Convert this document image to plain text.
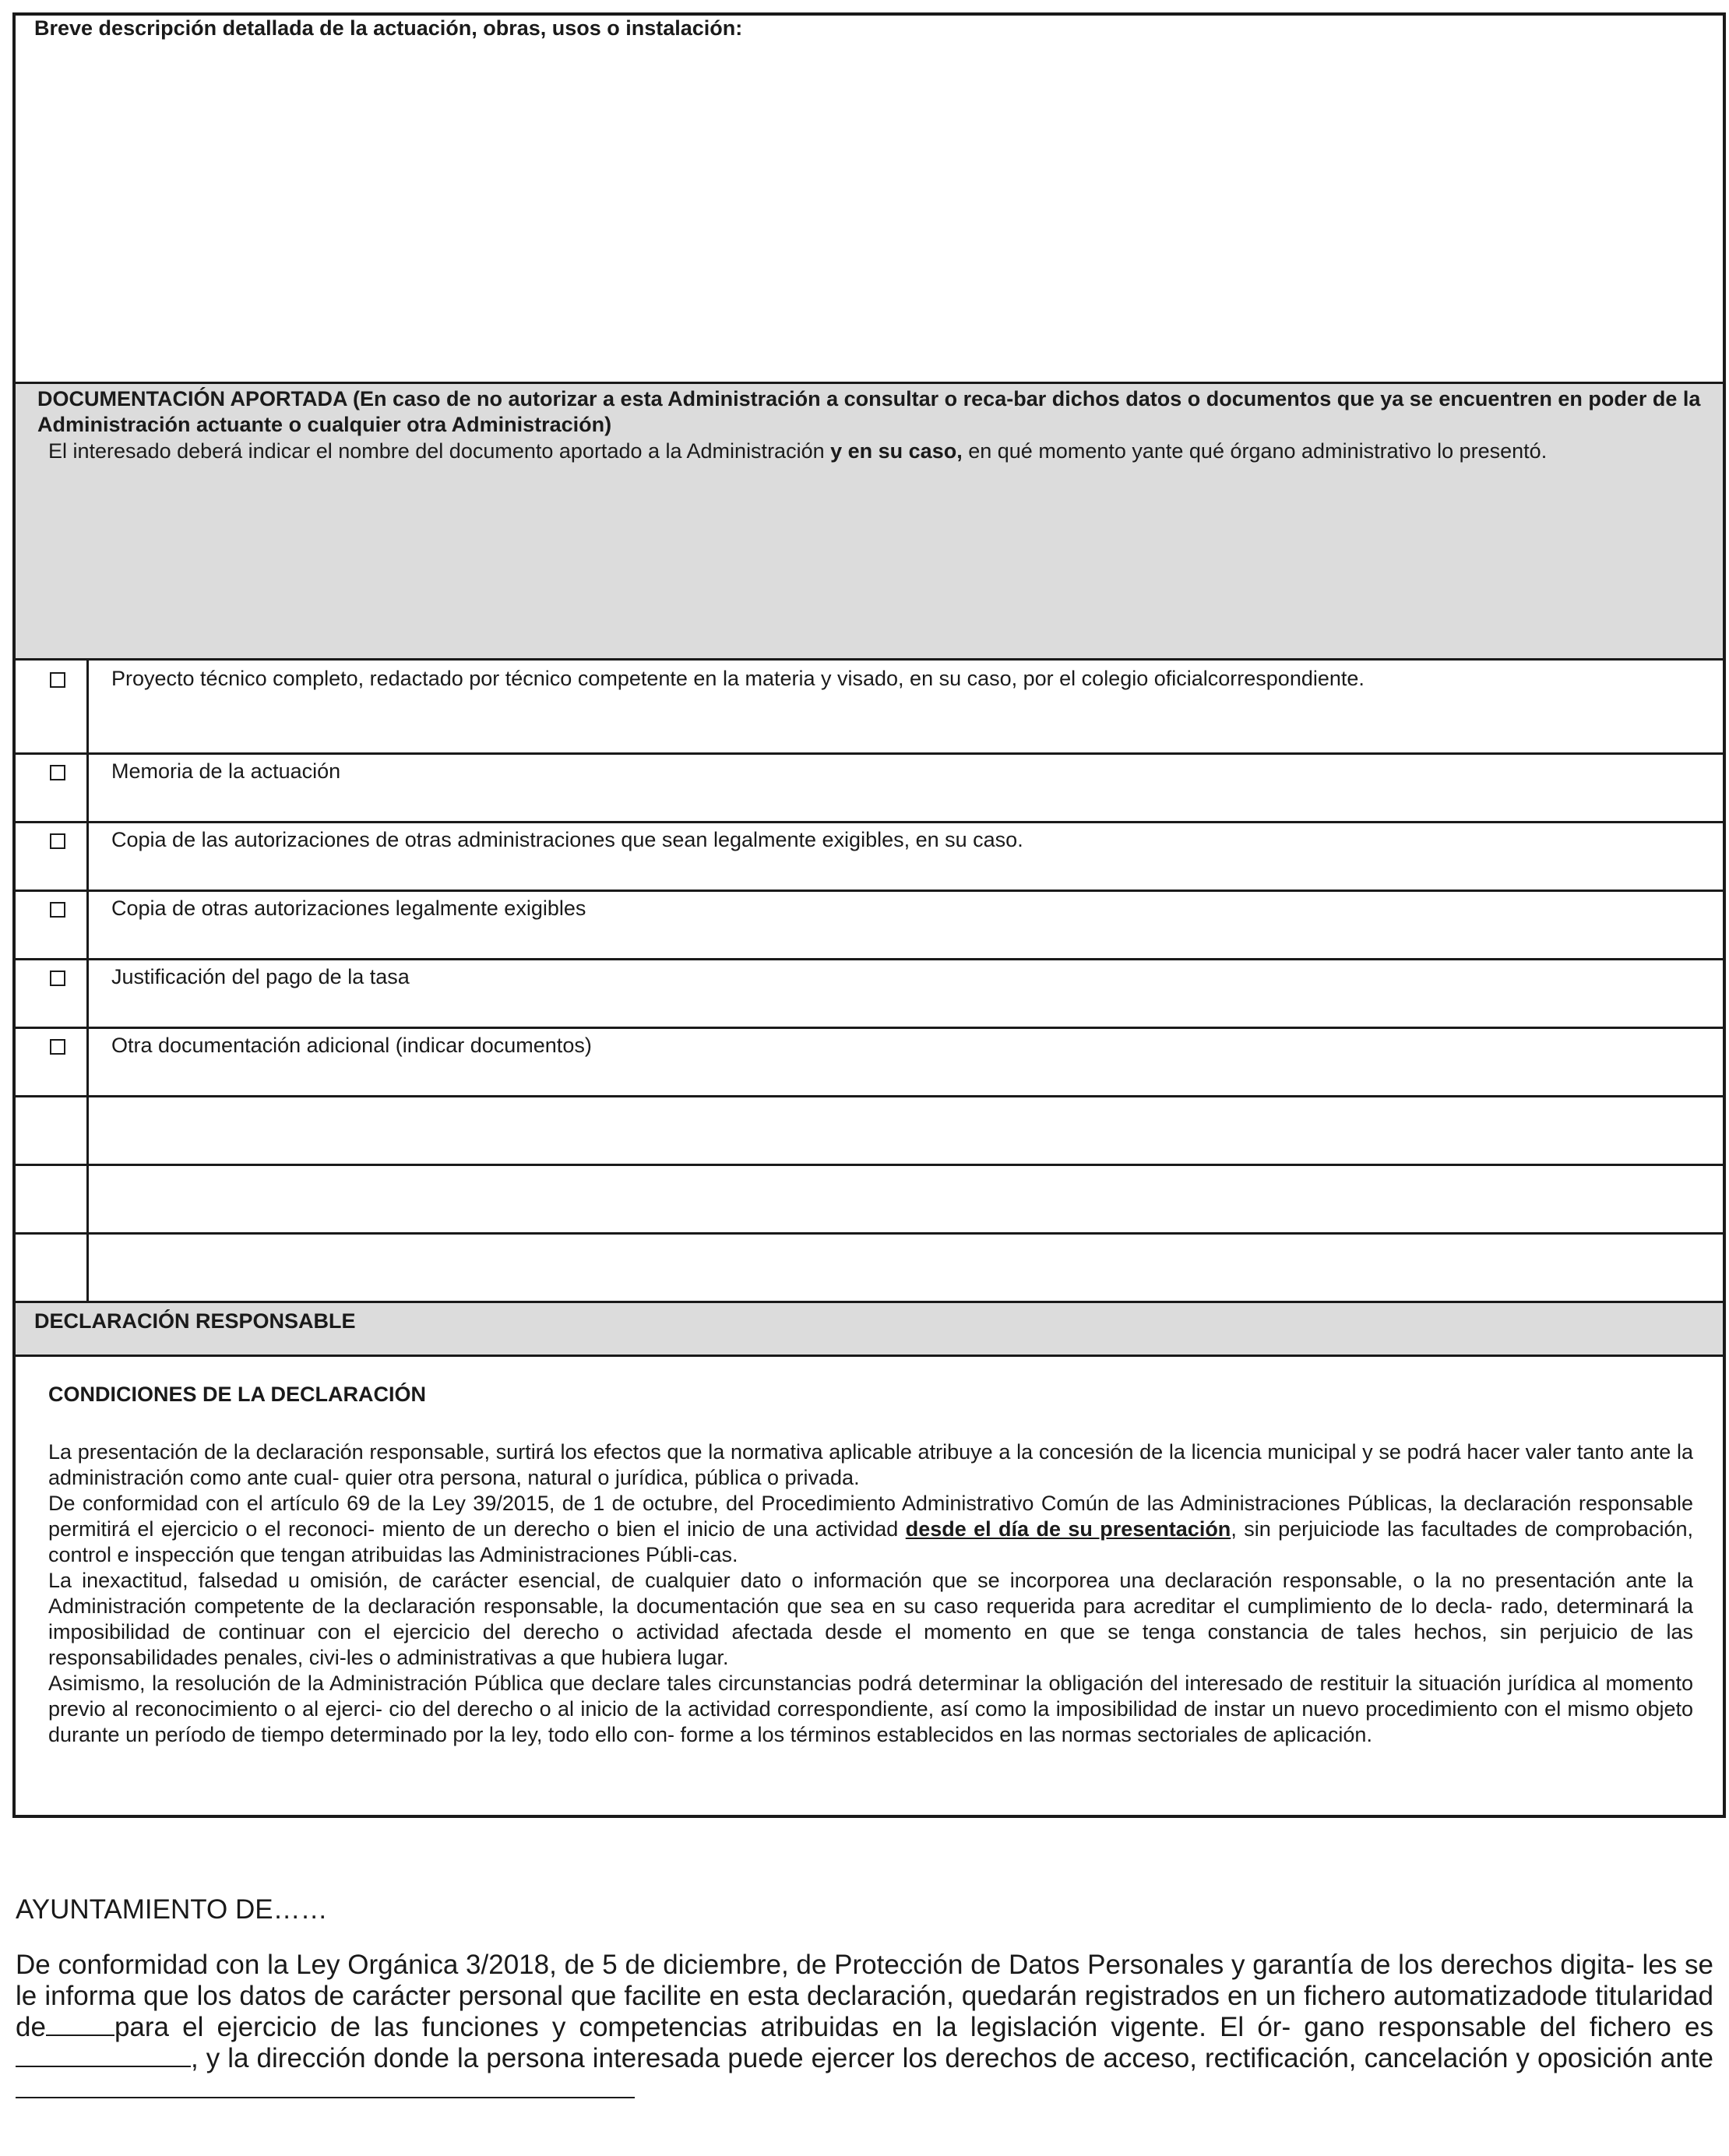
Breve descripción detallada de la actuación, obras, usos o instalación:
DOCUMENTACIÓN APORTADA (En caso de no autorizar a esta Administración a consultar o reca-bar dichos datos o documentos que ya se encuentren en poder de la Administración actuante o cualquier otra Administración)
El interesado deberá indicar el nombre del documento aportado a la Administración y en su caso, en qué momento yante qué órgano administrativo lo presentó.
Proyecto técnico completo, redactado por técnico competente en la materia y visado, en su caso, por el colegio oficialcorrespondiente.
Memoria de la actuación
Copia de las autorizaciones de otras administraciones que sean legalmente exigibles, en su caso.
Copia de otras autorizaciones legalmente exigibles
Justificación del pago de la tasa
Otra documentación adicional (indicar documentos)
DECLARACIÓN RESPONSABLE
CONDICIONES DE LA DECLARACIÓN

La presentación de la declaración responsable, surtirá los efectos que la normativa aplicable atribuye a la concesión de la licencia municipal y se podrá hacer valer tanto ante la administración como ante cual- quier otra persona, natural o jurídica, pública o privada.

De conformidad con el artículo 69 de la Ley 39/2015, de 1 de octubre, del Procedimiento Administrativo Común de las Administraciones Públicas, la declaración responsable permitirá el ejercicio o el reconoci- miento de un derecho o bien el inicio de una actividad desde el día de su presentación, sin perjuiciode las facultades de comprobación, control e inspección que tengan atribuidas las Administraciones Públi-cas.

La inexactitud, falsedad u omisión, de carácter esencial, de cualquier dato o información que se incorporea una declaración responsable, o la no presentación ante la Administración competente de la declaración responsable, la documentación que sea en su caso requerida para acreditar el cumplimiento de lo decla- rado, determinará la imposibilidad de continuar con el ejercicio del derecho o actividad afectada desde el momento en que se tenga constancia de tales hechos, sin perjuicio de las responsabilidades penales, civi-les o administrativas a que hubiera lugar.

Asimismo, la resolución de la Administración Pública que declare tales circunstancias podrá determinar la obligación del interesado de restituir la situación jurídica al momento previo al reconocimiento o al ejerci- cio del derecho o al inicio de la actividad correspondiente, así como la imposibilidad de instar un nuevo procedimiento con el mismo objeto durante un período de tiempo determinado por la ley, todo ello con- forme a los términos establecidos en las normas sectoriales de aplicación.

AYUNTAMIENTO DE……
De conformidad con la Ley Orgánica 3/2018, de 5 de diciembre, de Protección de Datos Personales y garantía de los derechos digita- les se le informa que los datos de carácter personal que facilite en esta declaración, quedarán registrados en un fichero automatizadode titularidad de	para el ejercicio de las funciones y competencias atribuidas en la legislación vigente. El ór- gano responsable del fichero es, y la dirección donde la persona interesada puede ejercer los derechos de acceso, rectificación, cancelación y oposición ante
